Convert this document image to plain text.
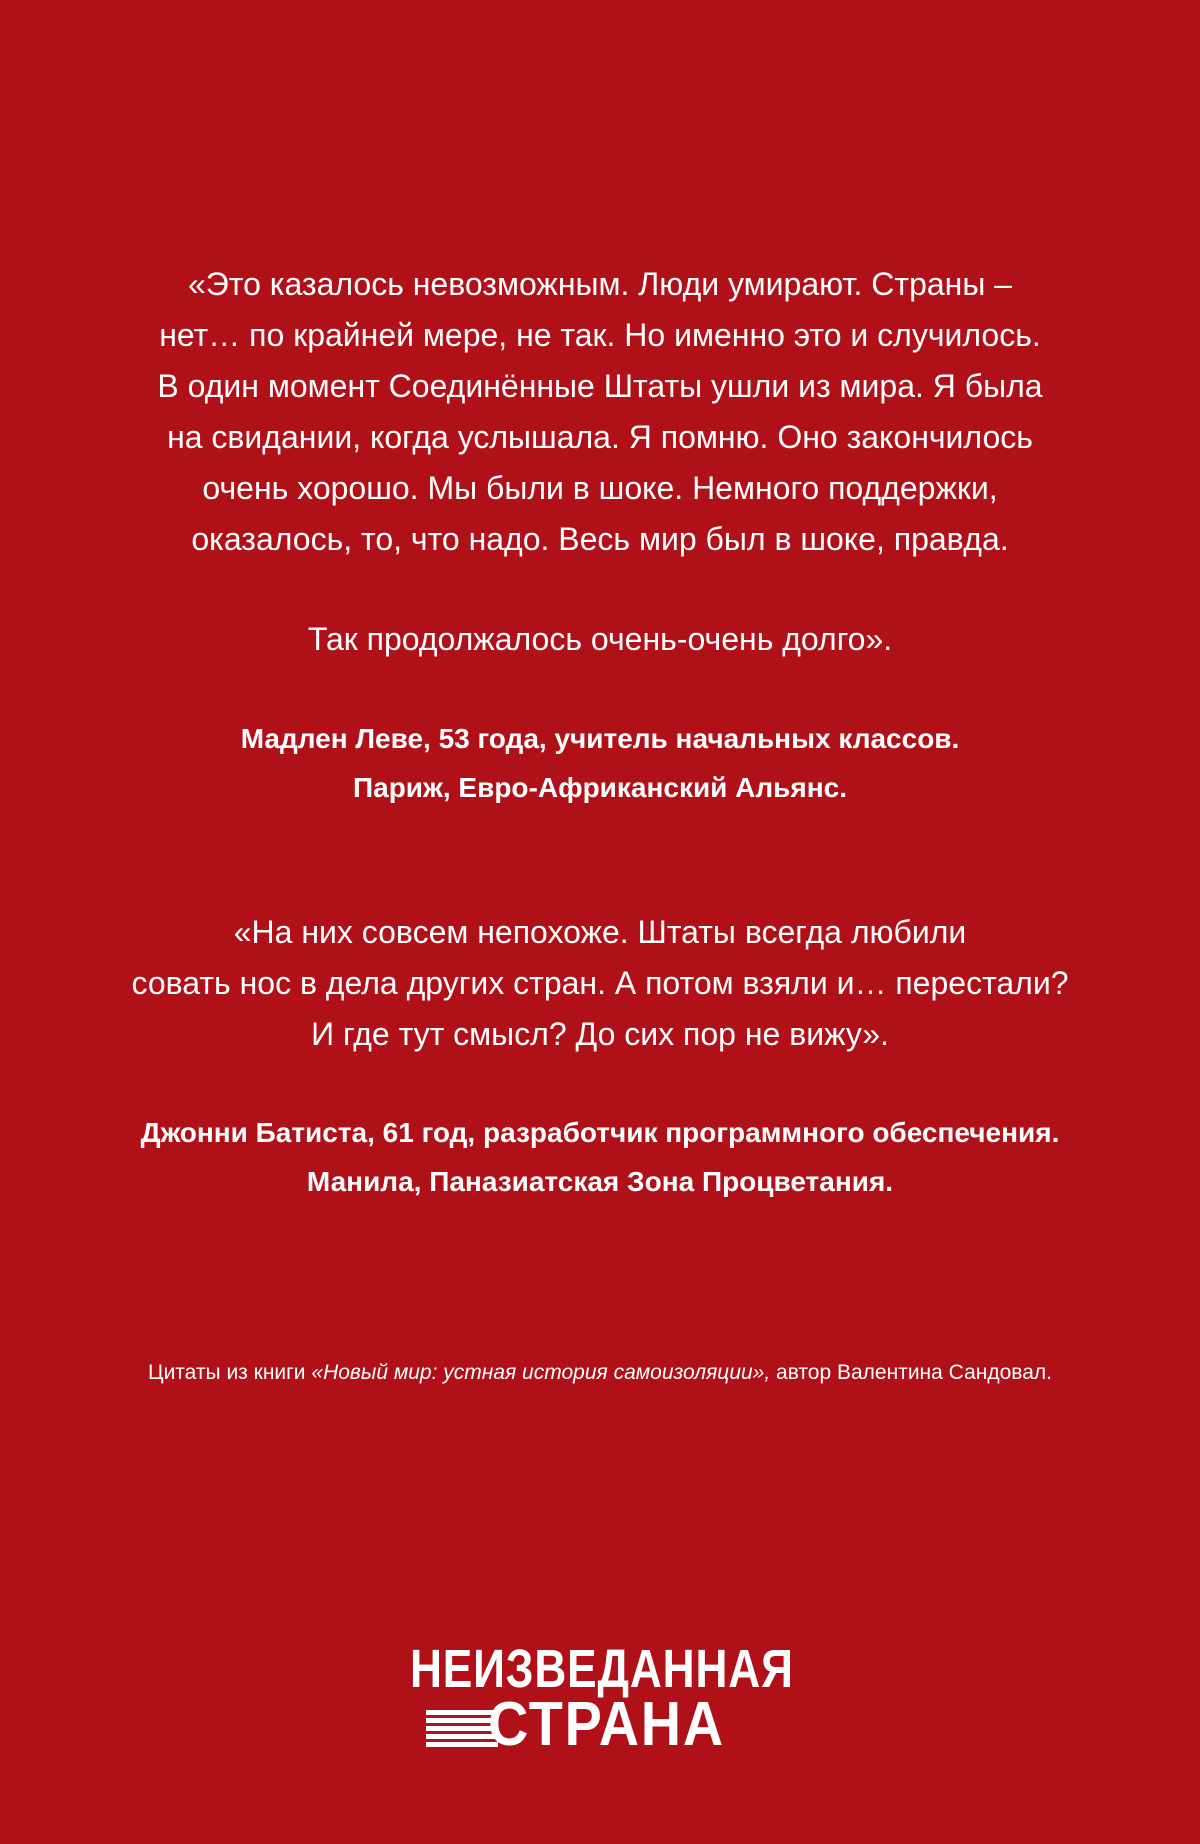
«Это казалось невозможным. Люди умирают. Страны –
нет… по крайней мере, не так. Но именно это и случилось.
В один момент Соединённые Штаты ушли из мира. Я была
на свидании, когда услышала. Я помню. Оно закончилось
очень хорошо. Мы были в шоке. Немного поддержки,
оказалось, то, что надо. Весь мир был в шоке, правда.
Так продолжалось очень-очень долго».
Мадлен Леве, 53 года, учитель начальных классов.
Париж, Евро-Африканский Альянс.
«На них совсем непохоже. Штаты всегда любили
совать нос в дела других стран. А потом взяли и… перестали?
И где тут смысл? До сих пор не вижу».
Джонни Батиста, 61 год, разработчик программного обеспечения.
Манила, Паназиатская Зона Процветания.
Цитаты из книги «Новый мир: устная история самоизоляции», автор Валентина Сандовал.
НЕИЗВЕДАННАЯ
СТРАНА
